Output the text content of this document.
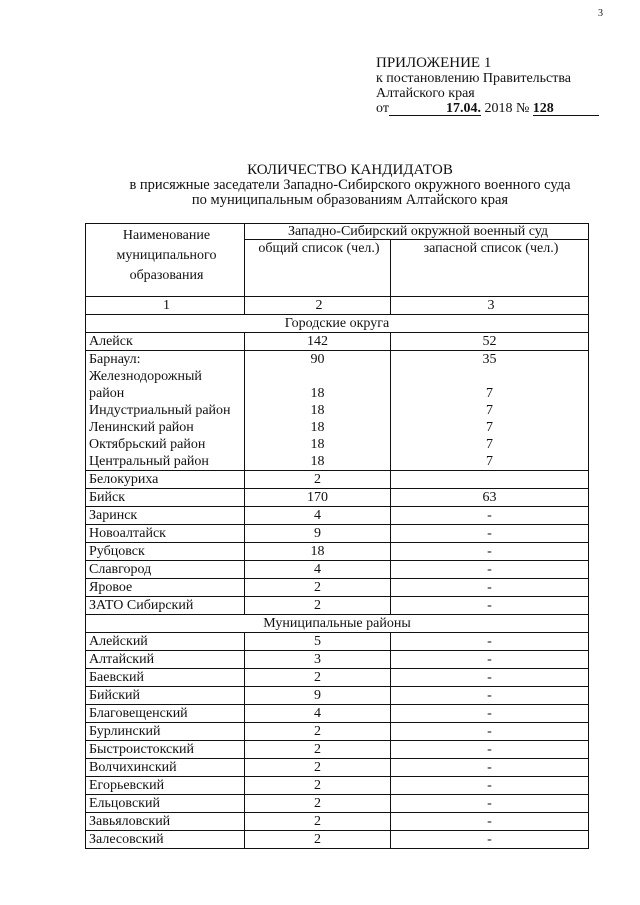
3
ПРИЛОЖЕНИЕ 1
к постановлению Правительства
Алтайского края
от	17.04. 2018 № 128
КОЛИЧЕСТВО КАНДИДАТОВ
в присяжные заседатели Западно-Сибирского окружного военного суда
по муниципальным образованиям Алтайского края
Наименование муниципального образования	Западно-Сибирский окружной военный суд	
	общий список (чел.)	запасной список (чел.)
1	2	3
Городские округа		
Алейск	142	52
Барнаул:	90	35
Железнодорожный		
район	18	7
Индустриальный район	18	7
Ленинский район	18	7
Октябрьский район	18	7
Центральный район	18	7
Белокуриха	2	
Бийск	170	63
Заринск	4	-
Новоалтайск	9	-
Рубцовск	18	-
Славгород	4	-
Яровое	2	-
ЗАТО Сибирский	2	-
Муниципальные районы		
Алейский	5	-
Алтайский	3	-
Баевский	2	-
Бийский	9	-
Благовещенский	4	-
Бурлинский	2	-
Быстроистокский	2	-
Волчихинский	2	-
Егорьевский	2	-
Ельцовский	2	-
Завьяловский	2	-
Залесовский	2	-
